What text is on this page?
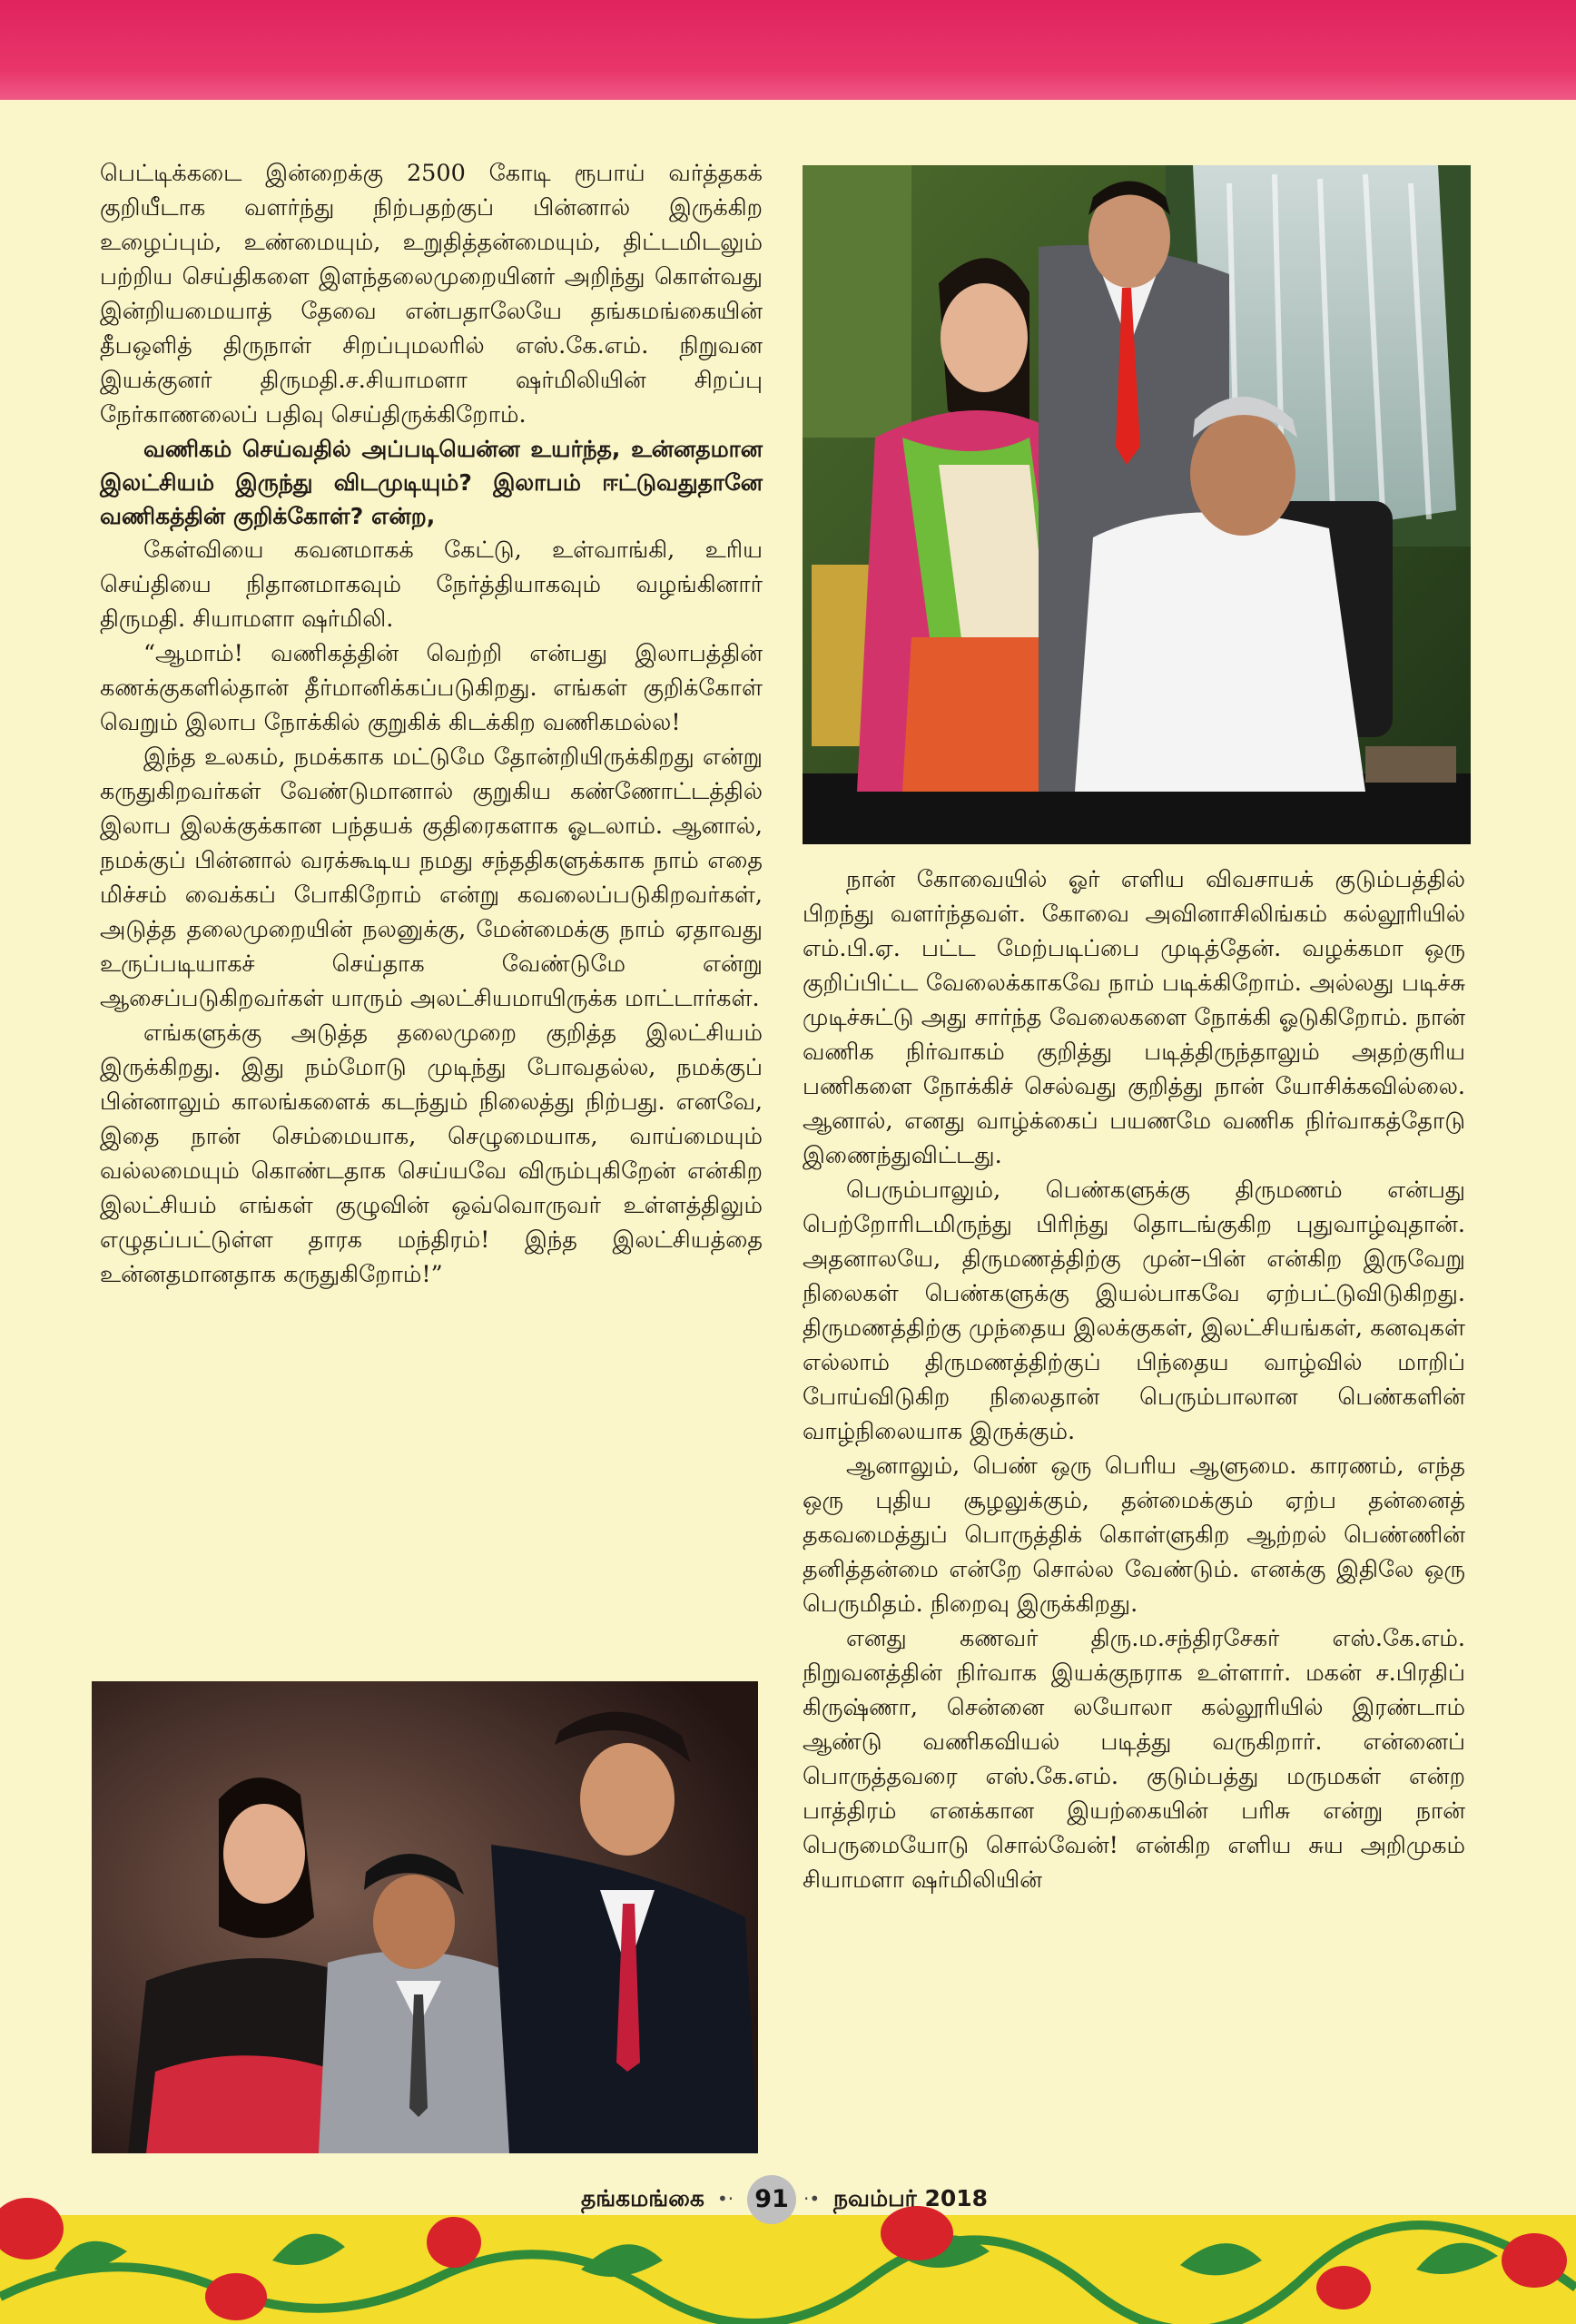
பெட்டிக்கடை இன்றைக்கு 2500 கோடி ரூபாய் வர்த்தகக் குறியீடாக வளர்ந்து நிற்பதற்குப் பின்னால் இருக்கிற உழைப்பும், உண்மையும், உறுதித்தன்மையும், திட்டமிடலும் பற்றிய செய்திகளை இளந்தலைமுறையினர் அறிந்து கொள்வது இன்றியமையாத் தேவை என்பதாலேயே தங்கமங்கையின் தீபஒளித் திருநாள் சிறப்புமலரில் எஸ்.கே.எம். நிறுவன இயக்குனர் திருமதி.ச.சியாமளா ஷர்மிலியின் சிறப்பு நேர்காணலைப் பதிவு செய்திருக்கிறோம்.

வணிகம் செய்வதில் அப்படியென்ன உயர்ந்த, உன்னதமான இலட்சியம் இருந்து விடமுடியும்? இலாபம் ஈட்டுவதுதானே வணிகத்தின் குறிக்கோள்? என்ற,

கேள்வியை கவனமாகக் கேட்டு, உள்வாங்கி, உரிய செய்தியை நிதானமாகவும் நேர்த்தியாகவும் வழங்கினார் திருமதி. சியாமளா ஷர்மிலி.

“ஆமாம்! வணிகத்தின் வெற்றி என்பது இலாபத்தின் கணக்குகளில்தான் தீர்மானிக்கப்படுகிறது. எங்கள் குறிக்கோள் வெறும் இலாப நோக்கில் குறுகிக் கிடக்கிற வணிகமல்ல!

இந்த உலகம், நமக்காக மட்டுமே தோன்றியிருக்கிறது என்று கருதுகிறவர்கள் வேண்டுமானால் குறுகிய கண்ணோட்டத்தில் இலாப இலக்குக்கான பந்தயக் குதிரைகளாக ஓடலாம். ஆனால், நமக்குப் பின்னால் வரக்கூடிய நமது சந்ததிகளுக்காக நாம் எதை மிச்சம் வைக்கப் போகிறோம் என்று கவலைப்படுகிறவர்கள், அடுத்த தலைமுறையின் நலனுக்கு, மேன்மைக்கு நாம் ஏதாவது உருப்படியாகச் செய்தாக வேண்டுமே என்று ஆசைப்படுகிறவர்கள் யாரும் அலட்சியமாயிருக்க மாட்டார்கள்.

எங்களுக்கு அடுத்த தலைமுறை குறித்த இலட்சியம் இருக்கிறது. இது நம்மோடு முடிந்து போவதல்ல, நமக்குப் பின்னாலும் காலங்களைக் கடந்தும் நிலைத்து நிற்பது. எனவே, இதை நான் செம்மையாக, செழுமையாக, வாய்மையும் வல்லமையும் கொண்டதாக செய்யவே விரும்புகிறேன் என்கிற இலட்சியம் எங்கள் குழுவின் ஒவ்வொருவர் உள்ளத்திலும் எழுதப்பட்டுள்ள தாரக மந்திரம்! இந்த இலட்சியத்தை உன்னதமானதாக கருதுகிறோம்!”

நான் கோவையில் ஓர் எளிய விவசாயக் குடும்பத்தில் பிறந்து வளர்ந்தவள். கோவை அவினாசிலிங்கம் கல்லூரியில் எம்.பி.ஏ. பட்ட மேற்படிப்பை முடித்தேன். வழக்கமா ஒரு குறிப்பிட்ட வேலைக்காகவே நாம் படிக்கிறோம். அல்லது படிச்சு முடிச்சுட்டு அது சார்ந்த வேலைகளை நோக்கி ஓடுகிறோம். நான் வணிக நிர்வாகம் குறித்து படித்திருந்தாலும் அதற்குரிய பணிகளை நோக்கிச் செல்வது குறித்து நான் யோசிக்கவில்லை. ஆனால், எனது வாழ்க்கைப் பயணமே வணிக நிர்வாகத்தோடு இணைந்துவிட்டது.

பெரும்பாலும், பெண்களுக்கு திருமணம் என்பது பெற்றோரிடமிருந்து பிரிந்து தொடங்குகிற புதுவாழ்வுதான். அதனாலயே, திருமணத்திற்கு முன்–பின் என்கிற இருவேறு நிலைகள் பெண்களுக்கு இயல்பாகவே ஏற்பட்டுவிடுகிறது. திருமணத்திற்கு முந்தைய இலக்குகள், இலட்சியங்கள், கனவுகள் எல்லாம் திருமணத்திற்குப் பிந்தைய வாழ்வில் மாறிப் போய்விடுகிற நிலைதான் பெரும்பாலான பெண்களின் வாழ்நிலையாக இருக்கும்.

ஆனாலும், பெண் ஒரு பெரிய ஆளுமை. காரணம், எந்த ஒரு புதிய சூழலுக்கும், தன்மைக்கும் ஏற்ப தன்னைத் தகவமைத்துப் பொருத்திக் கொள்ளுகிற ஆற்றல் பெண்ணின் தனித்தன்மை என்றே சொல்ல வேண்டும். எனக்கு இதிலே ஒரு பெருமிதம். நிறைவு இருக்கிறது.

எனது கணவர் திரு.ம.சந்திரசேகர் எஸ்.கே.எம். நிறுவனத்தின் நிர்வாக இயக்குநராக உள்ளார். மகன் ச.பிரதிப் கிருஷ்ணா, சென்னை லயோலா கல்லூரியில் இரண்டாம் ஆண்டு வணிகவியல் படித்து வருகிறார். என்னைப் பொருத்தவரை எஸ்.கே.எம். குடும்பத்து மருமகள் என்ற பாத்திரம் எனக்கான இயற்கையின் பரிசு என்று நான் பெருமையோடு சொல்வேன்! என்கிற எளிய சுய அறிமுகம் சியாமளா ஷர்மிலியின்

தங்கமங்கை •· 91 ·• நவம்பர் 2018
